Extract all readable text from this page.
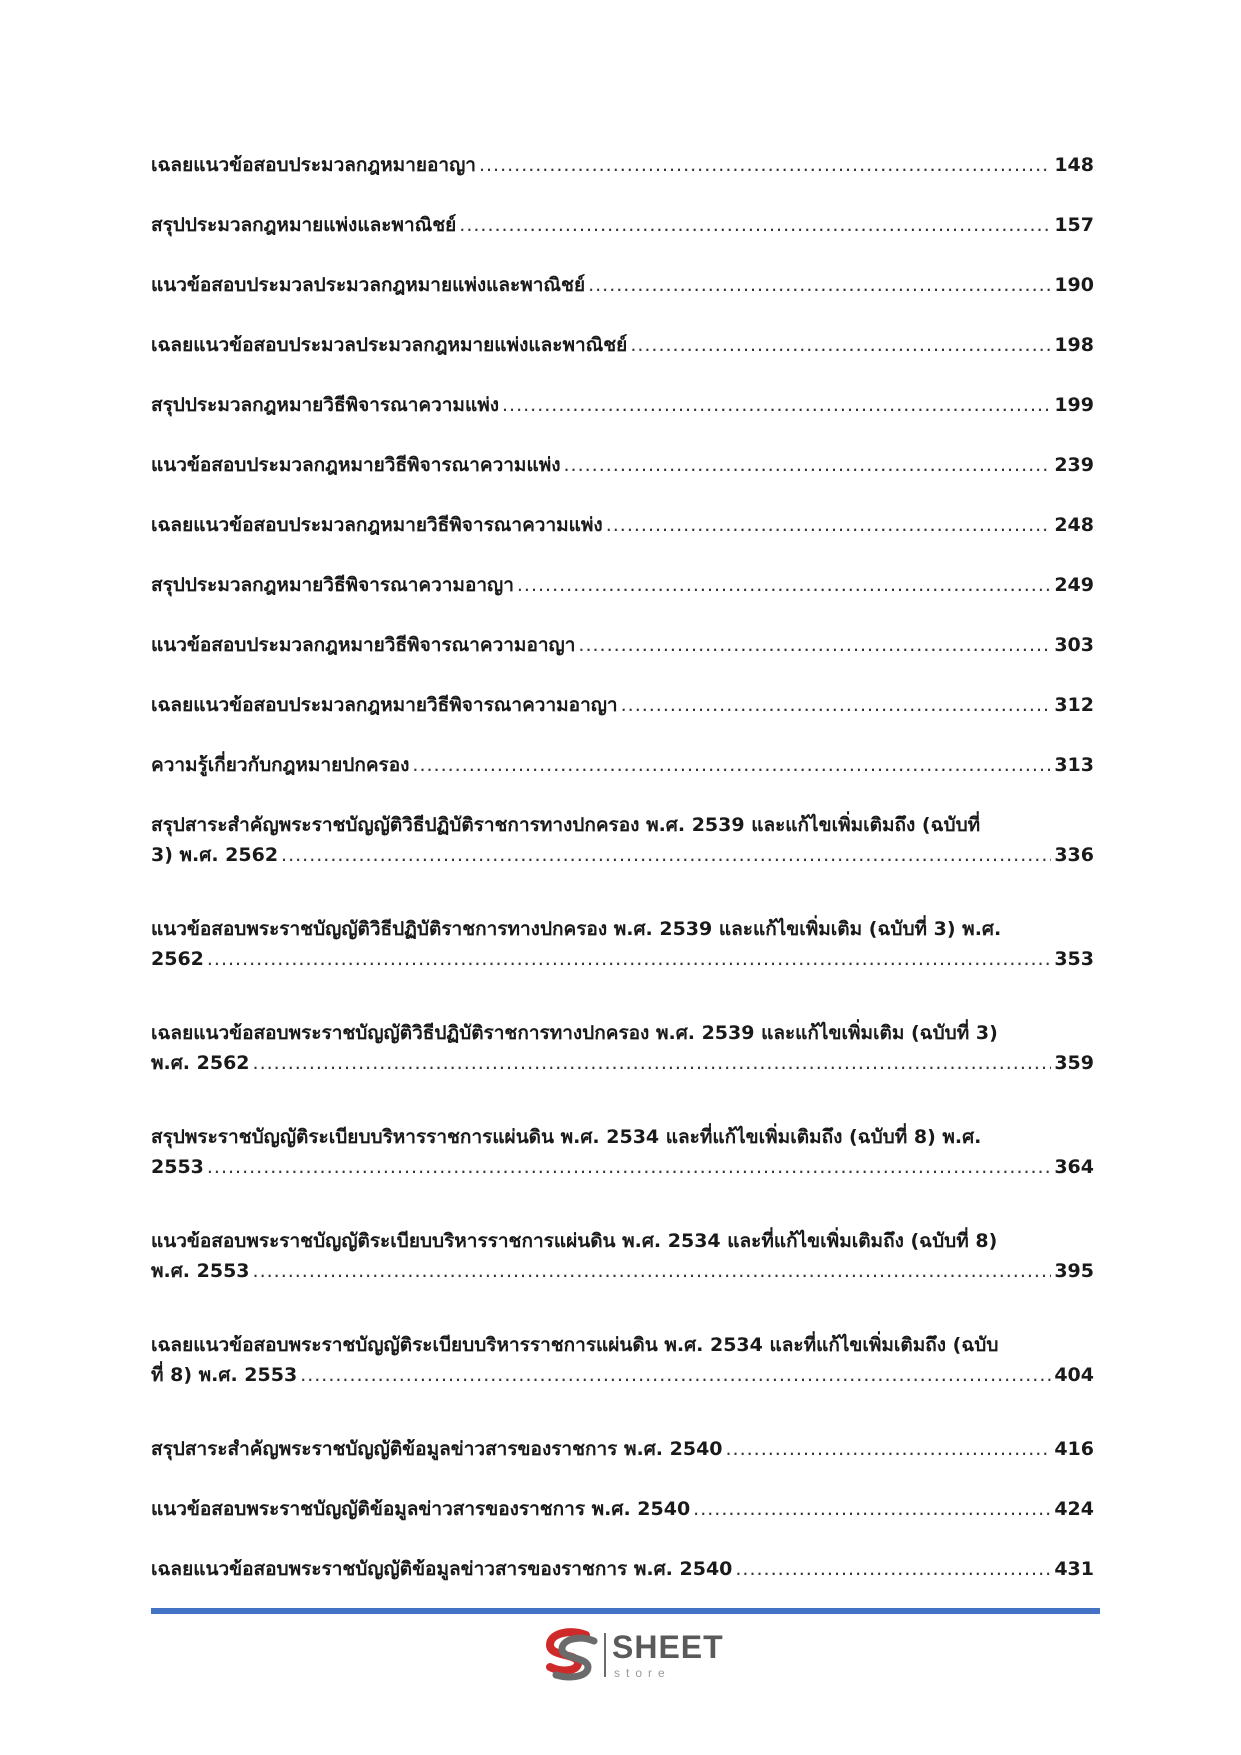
เฉลยแนวข้อสอบประมวลกฎหมายอาญา .....	148
สรุปประมวลกฎหมายแพ่งและพาณิชย์ .....	157
แนวข้อสอบประมวลประมวลกฎหมายแพ่งและพาณิชย์ .....	190
เฉลยแนวข้อสอบประมวลประมวลกฎหมายแพ่งและพาณิชย์ .....	198
สรุปประมวลกฎหมายวิธีพิจารณาความแพ่ง .....	199
แนวข้อสอบประมวลกฎหมายวิธีพิจารณาความแพ่ง .....	239
เฉลยแนวข้อสอบประมวลกฎหมายวิธีพิจารณาความแพ่ง .....	248
สรุปประมวลกฎหมายวิธีพิจารณาความอาญา .....	249
แนวข้อสอบประมวลกฎหมายวิธีพิจารณาความอาญา .....	303
เฉลยแนวข้อสอบประมวลกฎหมายวิธีพิจารณาความอาญา .....	312
ความรู้เกี่ยวกับกฎหมายปกครอง .....	313
สรุปสาระสำคัญพระราชบัญญัติวิธีปฏิบัติราชการทางปกครอง พ.ศ. 2539 และแก้ไขเพิ่มเติมถึง (ฉบับที่
3) พ.ศ. 2562 .....	336
แนวข้อสอบพระราชบัญญัติวิธีปฏิบัติราชการทางปกครอง พ.ศ. 2539 และแก้ไขเพิ่มเติม (ฉบับที่ 3) พ.ศ.
2562 .....	353
เฉลยแนวข้อสอบพระราชบัญญัติวิธีปฏิบัติราชการทางปกครอง พ.ศ. 2539 และแก้ไขเพิ่มเติม (ฉบับที่ 3)
พ.ศ. 2562 .....	359
สรุปพระราชบัญญัติระเบียบบริหารราชการแผ่นดิน พ.ศ. 2534 และที่แก้ไขเพิ่มเติมถึง (ฉบับที่ 8) พ.ศ.
2553 .....	364
แนวข้อสอบพระราชบัญญัติระเบียบบริหารราชการแผ่นดิน พ.ศ. 2534 และที่แก้ไขเพิ่มเติมถึง (ฉบับที่ 8)
พ.ศ. 2553 .....	395
เฉลยแนวข้อสอบพระราชบัญญัติระเบียบบริหารราชการแผ่นดิน พ.ศ. 2534 และที่แก้ไขเพิ่มเติมถึง (ฉบับ
ที่ 8) พ.ศ. 2553 .....	404
สรุปสาระสำคัญพระราชบัญญัติข้อมูลข่าวสารของราชการ พ.ศ. 2540 .....	416
แนวข้อสอบพระราชบัญญัติข้อมูลข่าวสารของราชการ พ.ศ. 2540 .....	424
เฉลยแนวข้อสอบพระราชบัญญัติข้อมูลข่าวสารของราชการ พ.ศ. 2540 .....	431
SHEET
store
